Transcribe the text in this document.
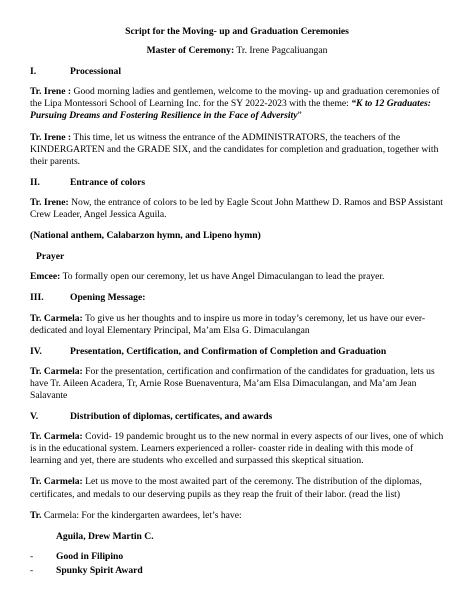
Script for the Moving- up and Graduation Ceremonies
Master of Ceremony: Tr. Irene Pagcaliuangan
I.	Processional

Tr. Irene : Good morning ladies and gentlemen, welcome to the moving- up and graduation ceremonies of the Lipa Montessori School of Learning Inc. for the SY 2022-2023 with the theme: “K to 12 Graduates: Pursuing Dreams and Fostering Resilience in the Face of Adversity”

Tr. Irene : This time, let us witness the entrance of the ADMINISTRATORS, the teachers of the KINDERGARTEN and the GRADE SIX, and the candidates for completion and graduation, together with their parents.

II.	Entrance of colors

Tr. Irene: Now, the entrance of colors to be led by Eagle Scout John Matthew D. Ramos and BSP Assistant Crew Leader, Angel Jessica Aguila.

(National anthem, Calabarzon hymn, and Lipeno hymn)
Prayer

Emcee: To formally open our ceremony, let us have Angel Dimaculangan to lead the prayer.

III.	Opening Message:

Tr. Carmela: To give us her thoughts and to inspire us more in today’s ceremony, let us have our ever- dedicated and loyal Elementary Principal, Ma’am Elsa G. Dimaculangan

IV.	Presentation, Certification, and Confirmation of Completion and Graduation

Tr. Carmela: For the presentation, certification and confirmation of the candidates for graduation, lets us have Tr. Aileen Acadera, Tr, Arnie Rose Buenaventura, Ma’am Elsa Dimaculangan, and Ma’am Jean Salavante

V.	Distribution of diplomas, certificates, and awards

Tr. Carmela: Covid- 19 pandemic brought us to the new normal in every aspects of our lives, one of which is in the educational system. Learners experienced a roller- coaster ride in dealing with this mode of learning and yet, there are students who excelled and surpassed this skeptical situation.

Tr. Carmela: Let us move to the most awaited part of the ceremony. The distribution of the diplomas, certificates, and medals to our deserving pupils as they reap the fruit of their labor. (read the list)

Tr. Carmela: For the kindergarten awardees, let’s have:

Aguila, Drew Martin C.
-	Good in Filipino
-	Spunky Spirit Award
